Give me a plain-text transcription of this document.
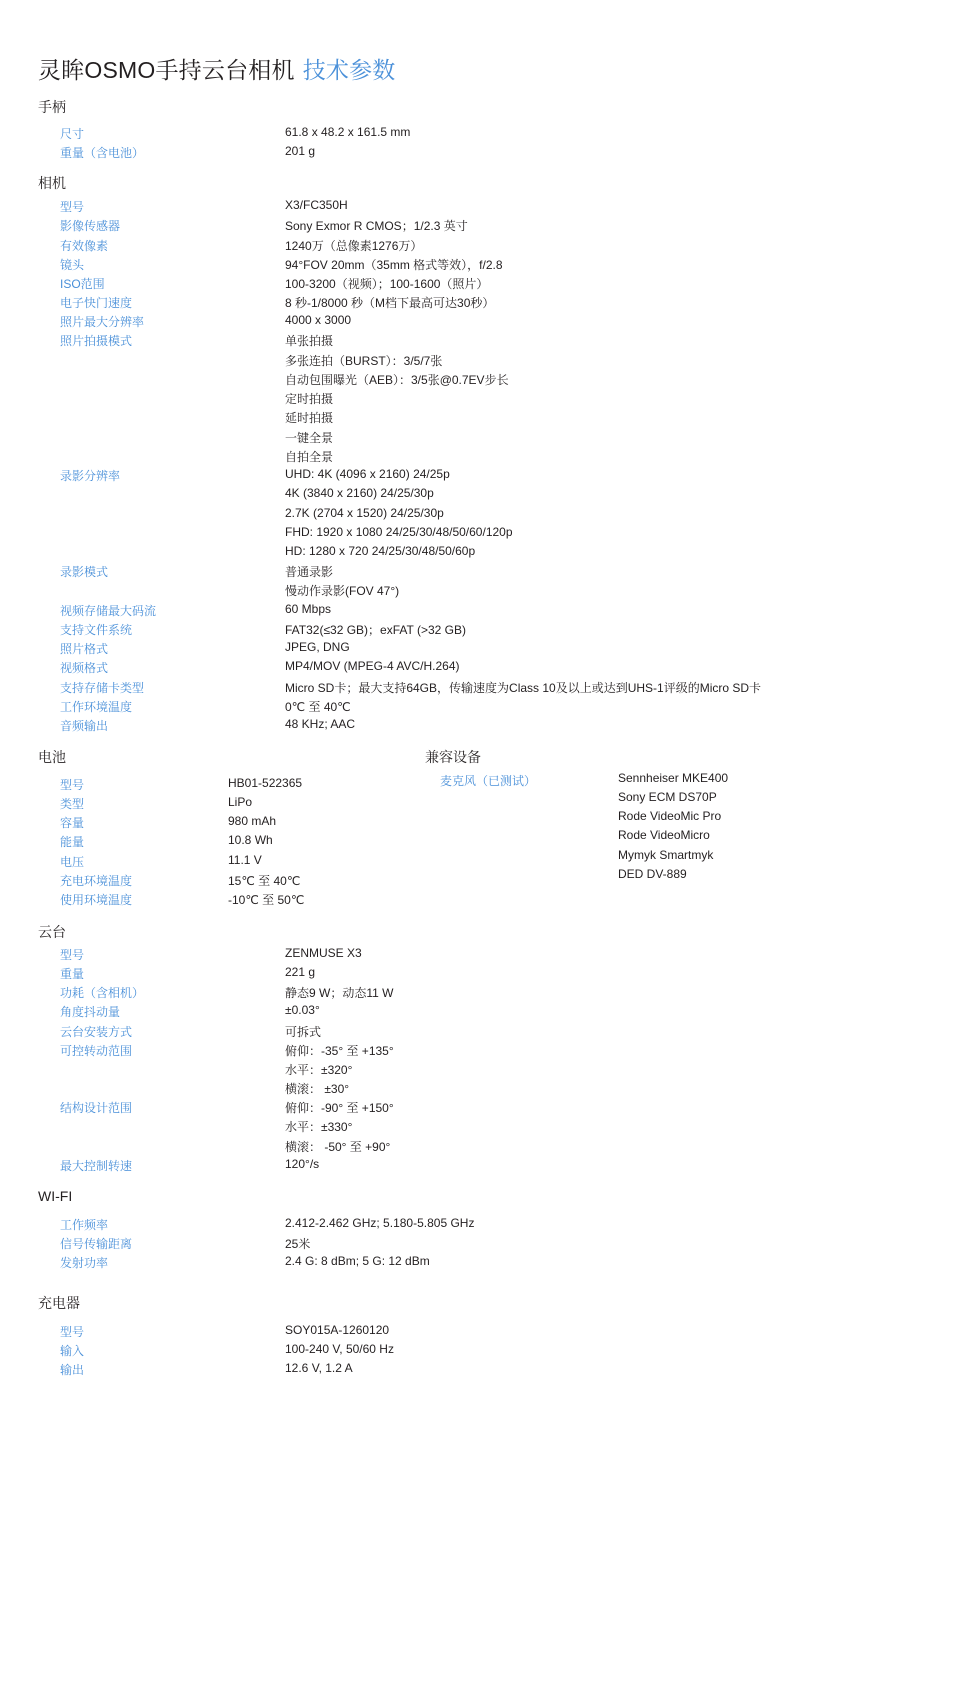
灵眸OSMO手持云台相机 技术参数
手柄
尺寸	61.8 x 48.2 x 161.5 mm
重量（含电池）	201 g
相机
型号	X3/FC350H
影像传感器	Sony Exmor R CMOS；1/2.3 英寸
有效像素	1240万（总像素1276万）
镜头	94°FOV 20mm（35mm 格式等效），f/2.8
ISO范围	100-3200（视频）；100-1600（照片）
电子快门速度	8 秒-1/8000 秒（M档下最高可达30秒）
照片最大分辨率	4000 x 3000
照片拍摄模式	单张拍摄
多张连拍（BURST）：3/5/7张
自动包围曝光（AEB）：3/5张@0.7EV步长
定时拍摄
延时拍摄
一键全景
自拍全景
录影分辨率	UHD: 4K (4096 x 2160) 24/25p
4K (3840 x 2160) 24/25/30p
2.7K (2704 x 1520) 24/25/30p
FHD: 1920 x 1080 24/25/30/48/50/60/120p
HD: 1280 x 720 24/25/30/48/50/60p
录影模式	普通录影
慢动作录影(FOV 47°)
视频存储最大码流	60 Mbps
支持文件系统	FAT32(≤32 GB)；exFAT (>32 GB)
照片格式	JPEG, DNG
视频格式	MP4/MOV (MPEG-4 AVC/H.264)
支持存储卡类型	Micro SD卡；最大支持64GB，传输速度为Class 10及以上或达到UHS-1评级的Micro SD卡
工作环境温度	0℃ 至 40℃
音频输出	48 KHz; AAC
电池
型号	HB01-522365
类型	LiPo
容量	980 mAh
能量	10.8 Wh
电压	11.1 V
充电环境温度	15℃ 至 40℃
使用环境温度	-10℃ 至 50℃
兼容设备
麦克风（已测试）	Sennheiser MKE400
Sony ECM DS70P
Rode VideoMic Pro
Rode VideoMicro
Mymyk Smartmyk
DED DV-889
云台
型号	ZENMUSE X3
重量	221 g
功耗（含相机）	静态9 W；动态11 W
角度抖动量	±0.03°
云台安装方式	可拆式
可控转动范围	俯仰：-35° 至 +135°
水平：±320°
横滚： ±30°
结构设计范围	俯仰：-90° 至 +150°
水平：±330°
横滚： -50° 至 +90°
最大控制转速	120°/s
WI-FI
工作频率	2.412-2.462 GHz; 5.180-5.805 GHz
信号传输距离	25米
发射功率	2.4 G: 8 dBm; 5 G: 12 dBm
充电器
型号	SOY015A-1260120
输入	100-240 V, 50/60 Hz
输出	12.6 V, 1.2 A
